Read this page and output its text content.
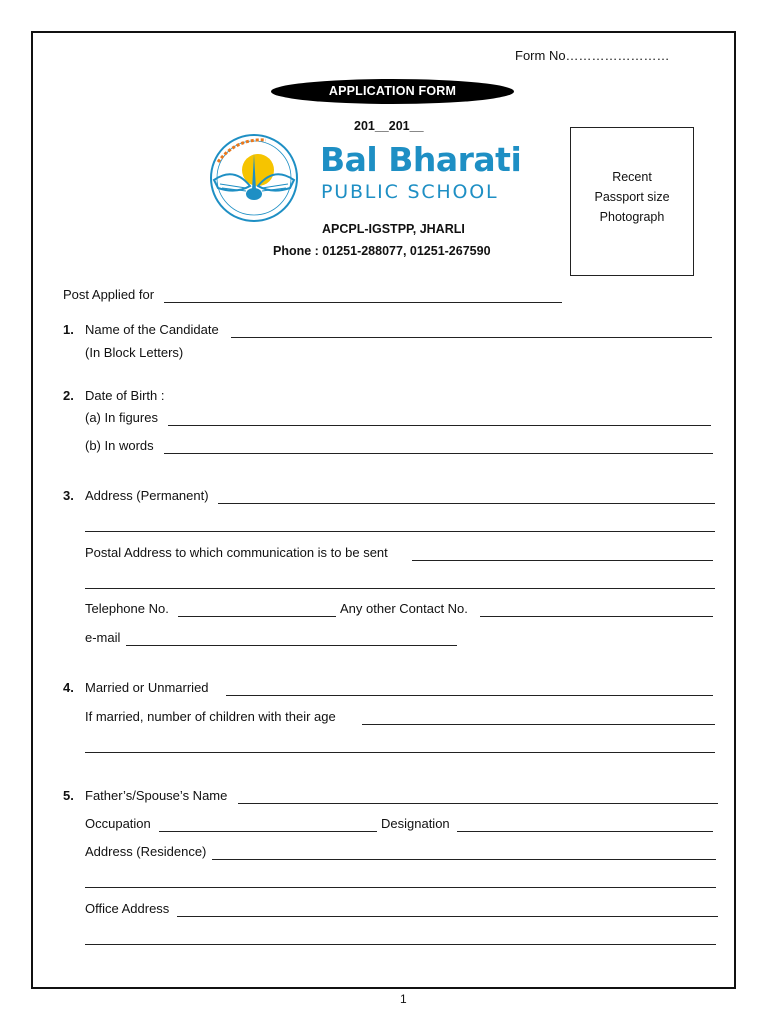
Form No……………………
APPLICATION FORM
201__201__
Bal Bharati
PUBLIC SCHOOL
APCPL-IGSTPP, JHARLI
Phone : 01251-288077, 01251-267590
Recent
Passport size
Photograph
Post Applied for
1. Name of the Candidate
(In Block Letters)
2. Date of Birth :
(a) In figures
(b) In words
3. Address (Permanent)
Postal Address to which communication is to be sent
Telephone No.	Any other Contact No.
e-mail
4. Married or Unmarried
If married, number of children with their age
5. Father’s/Spouse’s Name
Occupation	Designation
Address (Residence)
Office Address
1
